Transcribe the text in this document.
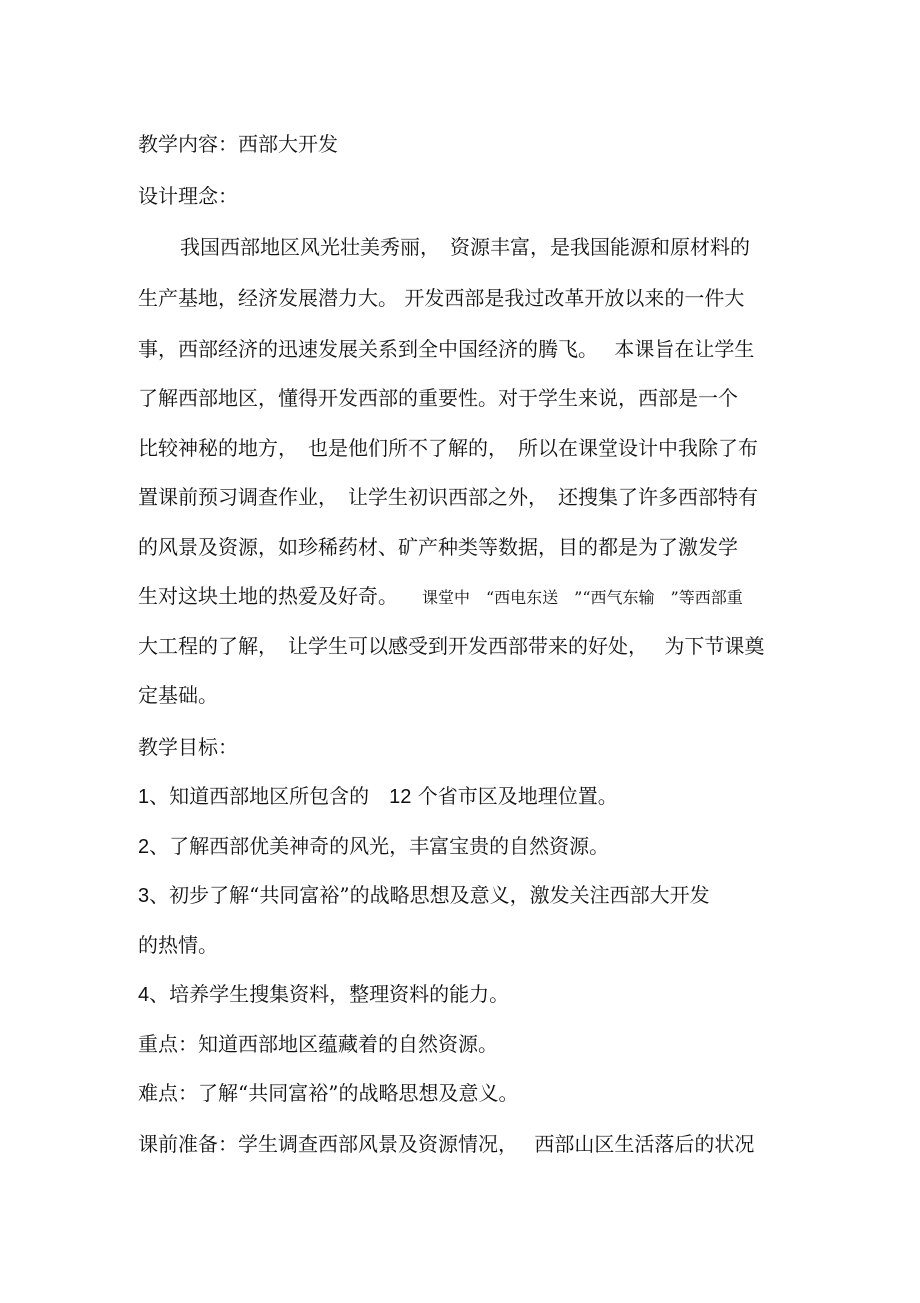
教学内容：西部大开发
设计理念：
我国西部地区风光壮美秀丽，　资源丰富，是我国能源和原材料的
生产基地，经济发展潜力大。 开发西部是我过改革开放以来的一件大
事，西部经济的迅速发展关系到全中国经济的腾飞。　 本课旨在让学生
了解西部地区，懂得开发西部的重要性。对于学生来说，西部是一个
比较神秘的地方，　也是他们所不了解的，　所以在课堂设计中我除了布
置课前预习调查作业，　让学生初识西部之外，　还搜集了许多西部特有
的风景及资源，如珍稀药材、矿产种类等数据，目的都是为了激发学
生对这块土地的热爱及好奇。 课堂中　“西电东送　”“西气东输　”等西部重
大工程的了解，　让学生可以感受到开发西部带来的好处，　 为下节课奠
定基础。
教学目标：
1、知道西部地区所包含的　12 个省市区及地理位置。
2、了解西部优美神奇的风光，丰富宝贵的自然资源。
3、初步了解“共同富裕”的战略思想及意义，激发关注西部大开发
的热情。
4、培养学生搜集资料，整理资料的能力。
重点：知道西部地区蕴藏着的自然资源。
难点：了解“共同富裕”的战略思想及意义。
课前准备：学生调查西部风景及资源情况，　 西部山区生活落后的状况
